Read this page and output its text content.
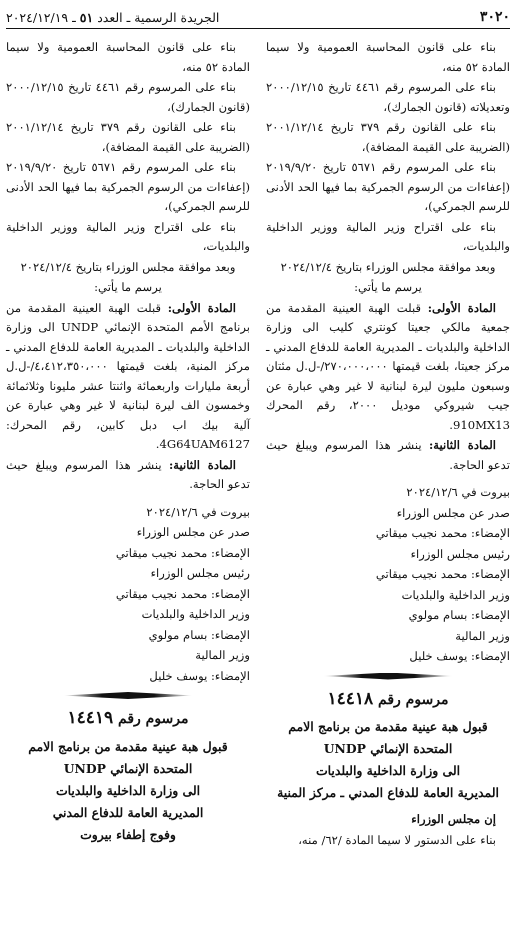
٣٠٢٠
الجريدة الرسمية ـ العدد ٥١ ـ ٢٠٢٤/١٢/١٩

بناء على قانون المحاسبة العمومية ولا سيما المادة ٥٢ منه،

بناء على المرسوم رقم ٤٤٦١ تاريخ ٢٠٠٠/١٢/١٥ وتعديلاته (قانون الجمارك)،

بناء على القانون رقم ٣٧٩ تاريخ ٢٠٠١/١٢/١٤ (الضريبة على القيمة المضافة)،

بناء على المرسوم رقم ٥٦٧١ تاريخ ٢٠١٩/٩/٢٠ (إعفاءات من الرسوم الجمركية بما فيها الحد الأدنى للرسم الجمركي)،

بناء على اقتراح وزير المالية ووزير الداخلية والبلديات،

وبعد موافقة مجلس الوزراء بتاريخ ٢٠٢٤/١٢/٤

يرسم ما يأتي:

المادة الأولى: قبلت الهبة العينية المقدمة من جمعية مالكي جعيتا كونتري كليب الى وزارة الداخلية والبلديات ـ المديرية العامة للدفاع المدني ـ مركز جعيتا، بلغت قيمتها ٢٧٠،٠٠٠،٠٠٠/-ل.ل مئتان وسبعون مليون ليرة لبنانية لا غير وهي عبارة عن جيب شيروكي موديل ٢٠٠٠، رقم المحرك 910MX13.

المادة الثانية: ينشر هذا المرسوم ويبلغ حيث تدعو الحاجة.

بيروت في ٢٠٢٤/١٢/٦

صدر عن مجلس الوزراء

الإمضاء: محمد نجيب ميقاتي

رئيس مجلس الوزراء

الإمضاء: محمد نجيب ميقاتي

وزير الداخلية والبلديات

الإمضاء: بسام مولوي

وزير المالية

الإمضاء: يوسف خليل

مرسوم رقم ١٤٤١٨
قبول هبة عينية مقدمة من برنامج الامم
المتحدة الإنمائي UNDP
الى وزارة الداخلية والبلديات
المديرية العامة للدفاع المدني ـ مركز المنية

إن مجلس الوزراء

بناء على الدستور لا سيما المادة /٦٢/ منه،

بناء على قانون المحاسبة العمومية ولا سيما المادة ٥٢ منه،

بناء على المرسوم رقم ٤٤٦١ تاريخ ٢٠٠٠/١٢/١٥ (قانون الجمارك)،

بناء على القانون رقم ٣٧٩ تاريخ ٢٠٠١/١٢/١٤ (الضريبة على القيمة المضافة)،

بناء على المرسوم رقم ٥٦٧١ تاريخ ٢٠١٩/٩/٢٠ (إعفاءات من الرسوم الجمركية بما فيها الحد الأدنى للرسم الجمركي)،

بناء على اقتراح وزير المالية ووزير الداخلية والبلديات،

وبعد موافقة مجلس الوزراء بتاريخ ٢٠٢٤/١٢/٤

يرسم ما يأتي:

المادة الأولى: قبلت الهبة العينية المقدمة من برنامج الأمم المتحدة الإنمائي UNDP الى وزارة الداخلية والبلديات ـ المديرية العامة للدفاع المدني ـ مركز المنية، بلغت قيمتها ٤،٤١٢،٣٥٠،٠٠٠/-ل.ل أربعة مليارات واربعمائة واثنتا عشر مليونا وثلاثمائة وخمسون الف ليرة لبنانية لا غير وهي عبارة عن آلية بيك اب دبل كابين، رقم المحرك: 4G64UAM6127.

المادة الثانية: ينشر هذا المرسوم ويبلغ حيث تدعو الحاجة.

بيروت في ٢٠٢٤/١٢/٦

صدر عن مجلس الوزراء

الإمضاء: محمد نجيب ميقاتي

رئيس مجلس الوزراء

الإمضاء: محمد نجيب ميقاتي

وزير الداخلية والبلديات

الإمضاء: بسام مولوي

وزير المالية

الإمضاء: يوسف خليل

مرسوم رقم ١٤٤١٩
قبول هبة عينية مقدمة من برنامج الامم
المتحدة الإنمائي UNDP
الى وزارة الداخلية والبلديات
المديرية العامة للدفاع المدني
وفوج إطفاء بيروت
